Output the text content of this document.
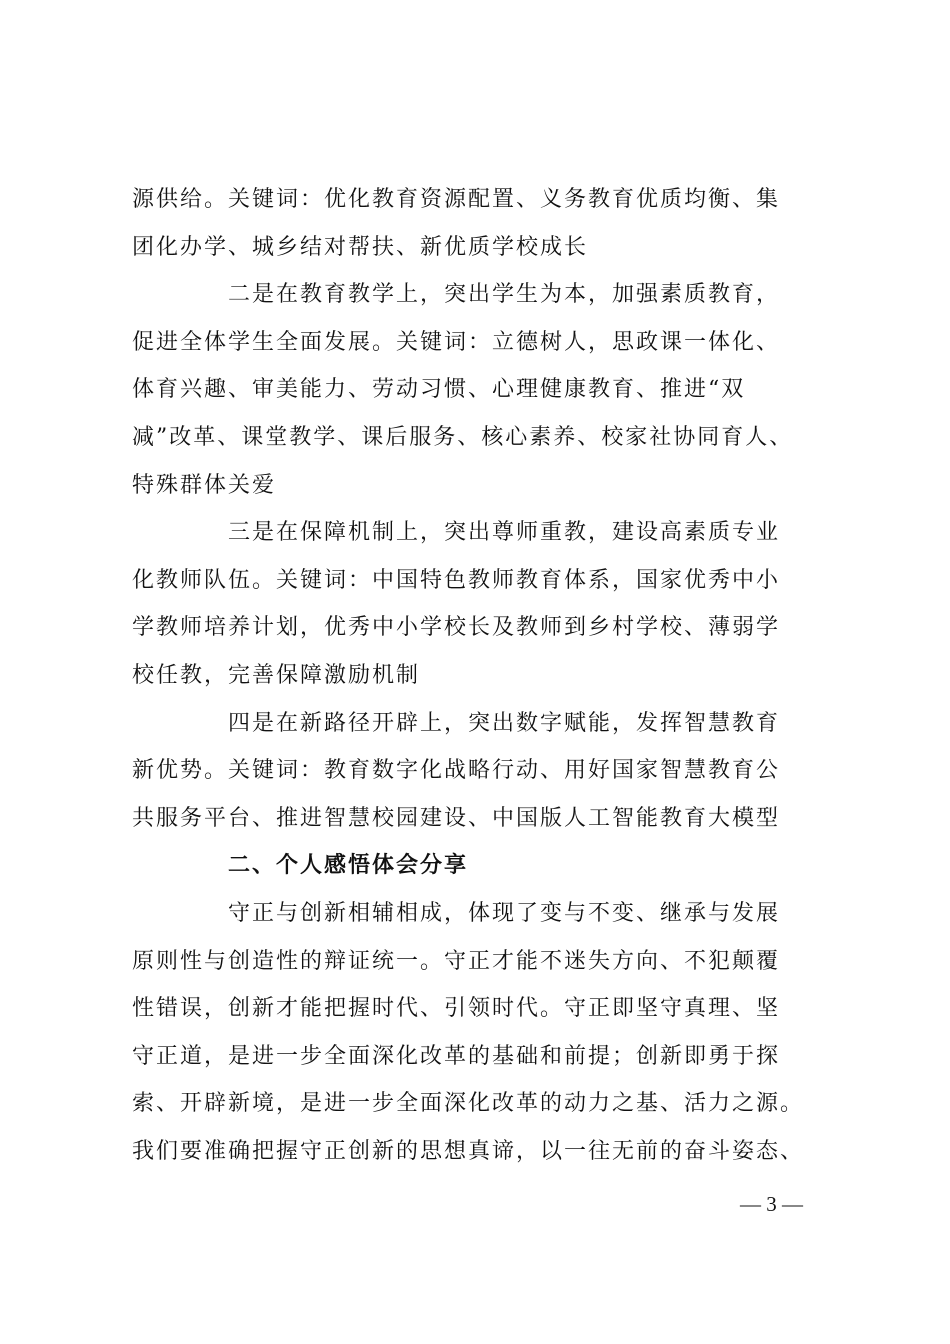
源供给。关键词：优化教育资源配置、义务教育优质均衡、集
团化办学、城乡结对帮扶、新优质学校成长
二是在教育教学上，突出学生为本，加强素质教育，
促进全体学生全面发展。关键词：立德树人，思政课一体化、
体育兴趣、审美能力、劳动习惯、心理健康教育、推进“双
减”改革、课堂教学、课后服务、核心素养、校家社协同育人、
特殊群体关爱
三是在保障机制上，突出尊师重教，建设高素质专业
化教师队伍。关键词：中国特色教师教育体系，国家优秀中小
学教师培养计划，优秀中小学校长及教师到乡村学校、薄弱学
校任教，完善保障激励机制
四是在新路径开辟上，突出数字赋能，发挥智慧教育
新优势。关键词：教育数字化战略行动、用好国家智慧教育公
共服务平台、推进智慧校园建设、中国版人工智能教育大模型
二、个人感悟体会分享
守正与创新相辅相成，体现了变与不变、继承与发展
原则性与创造性的辩证统一。守正才能不迷失方向、不犯颠覆
性错误，创新才能把握时代、引领时代。守正即坚守真理、坚
守正道，是进一步全面深化改革的基础和前提；创新即勇于探
索、开辟新境，是进一步全面深化改革的动力之基、活力之源。
我们要准确把握守正创新的思想真谛，以一往无前的奋斗姿态、
— 3 —
